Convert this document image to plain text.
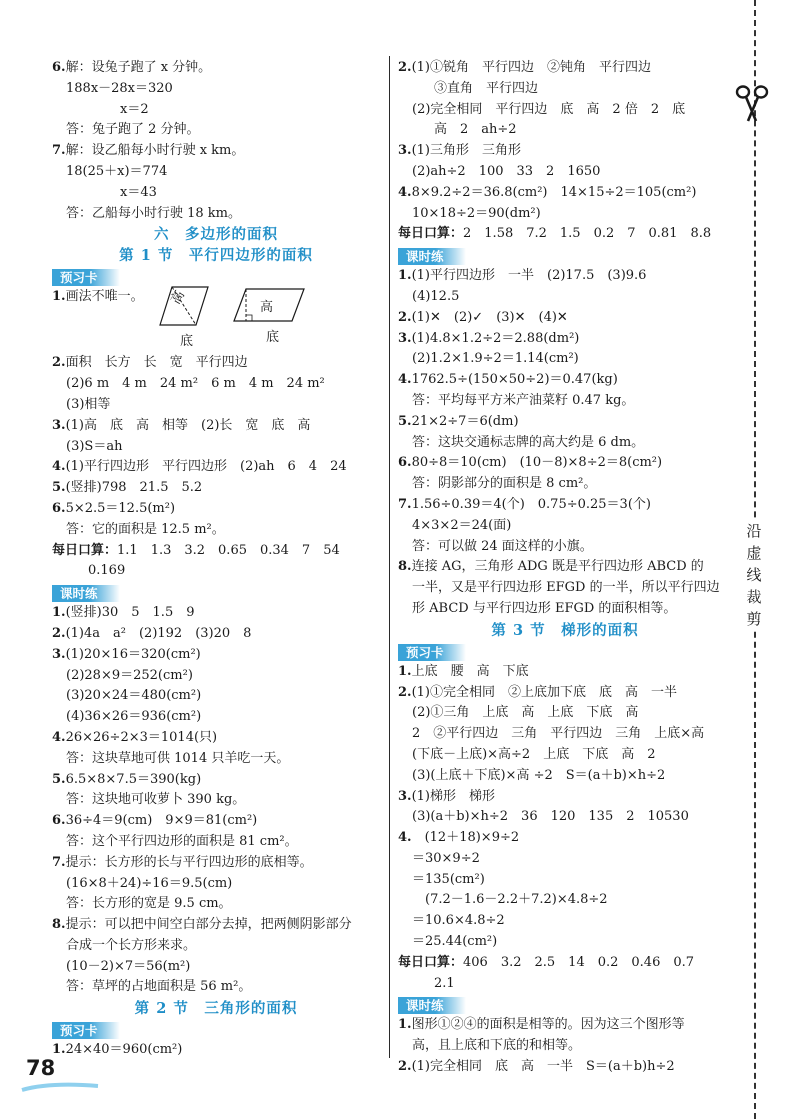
6.解：设兔子跑了 x 分钟。
188x－28x＝320
x＝2
答：兔子跑了 2 分钟。
7.解：设乙船每小时行驶 x km。
18(25＋x)＝774
x＝43
答：乙船每小时行驶 18 km。
六　多边形的面积
第 1 节　平行四边形的面积
预习卡
1.画法不唯一。 高
底
高
底
2.面积　长方　长　宽　平行四边
(2)6 m　4 m　24 m²　6 m　4 m　24 m²
(3)相等
3.(1)高　底　高　相等　(2)长　宽　底　高
(3)S＝ah
4.(1)平行四边形　平行四边形　(2)ah　6　4　24
5.(竖排)798　21.5　5.2
6.5×2.5＝12.5(m²)
答：它的面积是 12.5 m²。
每日口算：1.1　1.3　3.2　0.65　0.34　7　54
0.169
课时练
1.(竖排)30　5　1.5　9
2.(1)4a　a²　(2)192　(3)20　8
3.(1)20×16＝320(cm²)
(2)28×9＝252(cm²)
(3)20×24＝480(cm²)
(4)36×26＝936(cm²)
4.26×26÷2×3＝1014(只)
答：这块草地可供 1014 只羊吃一天。
5.6.5×8×7.5＝390(kg)
答：这块地可收萝卜 390 kg。
6.36÷4＝9(cm)　9×9＝81(cm²)
答：这个平行四边形的面积是 81 cm²。
7.提示：长方形的长与平行四边形的底相等。
(16×8＋24)÷16＝9.5(cm)
答：长方形的宽是 9.5 cm。
8.提示：可以把中间空白部分去掉，把两侧阴影部分
合成一个长方形来求。
(10－2)×7＝56(m²)
答：草坪的占地面积是 56 m²。
第 2 节　三角形的面积
预习卡
1.24×40＝960(cm²)
2.(1)①锐角　平行四边　②钝角　平行四边
③直角　平行四边
(2)完全相同　平行四边　底　高　2 倍　2　底
高　2　ah÷2
3.(1)三角形　三角形
(2)ah÷2　100　33　2　1650
4.8×9.2÷2＝36.8(cm²)　14×15÷2＝105(cm²)
10×18÷2＝90(dm²)
每日口算：2　1.58　7.2　1.5　0.2　7　0.81　8.8
课时练
1.(1)平行四边形　一半　(2)17.5　(3)9.6
(4)12.5
2.(1)✕　(2)✓　(3)✕　(4)✕
3.(1)4.8×1.2÷2＝2.88(dm²)
(2)1.2×1.9÷2＝1.14(cm²)
4.1762.5÷(150×50÷2)＝0.47(kg)
答：平均每平方米产油菜籽 0.47 kg。
5.21×2÷7＝6(dm)
答：这块交通标志牌的高大约是 6 dm。
6.80÷8＝10(cm)　(10－8)×8÷2＝8(cm²)
答：阴影部分的面积是 8 cm²。
7.1.56÷0.39＝4(个)　0.75÷0.25＝3(个)
4×3×2＝24(面)
答：可以做 24 面这样的小旗。
8.连接 AG，三角形 ADG 既是平行四边形 ABCD 的
一半，又是平行四边形 EFGD 的一半，所以平行四边
形 ABCD 与平行四边形 EFGD 的面积相等。
第 3 节　梯形的面积
预习卡
1.上底　腰　高　下底
2.(1)①完全相同　②上底加下底　底　高　一半
(2)①三角　上底　高　上底　下底　高
2　②平行四边　三角　平行四边　三角　上底×高
(下底－上底)×高÷2　上底　下底　高　2
(3)(上底＋下底)×高 ÷2　S＝(a＋b)×h÷2
3.(1)梯形　梯形
(3)(a＋b)×h÷2　36　120　135　2　10530
4.　(12＋18)×9÷2
＝30×9÷2
＝135(cm²)
　(7.2－1.6－2.2＋7.2)×4.8÷2
＝10.6×4.8÷2
＝25.44(cm²)
每日口算：406　3.2　2.5　14　0.2　0.46　0.7
2.1
课时练
1.图形①②④的面积是相等的。因为这三个图形等
高，且上底和下底的和相等。
2.(1)完全相同　底　高　一半　S＝(a＋b)h÷2
沿
虚
线
裁
剪
78
